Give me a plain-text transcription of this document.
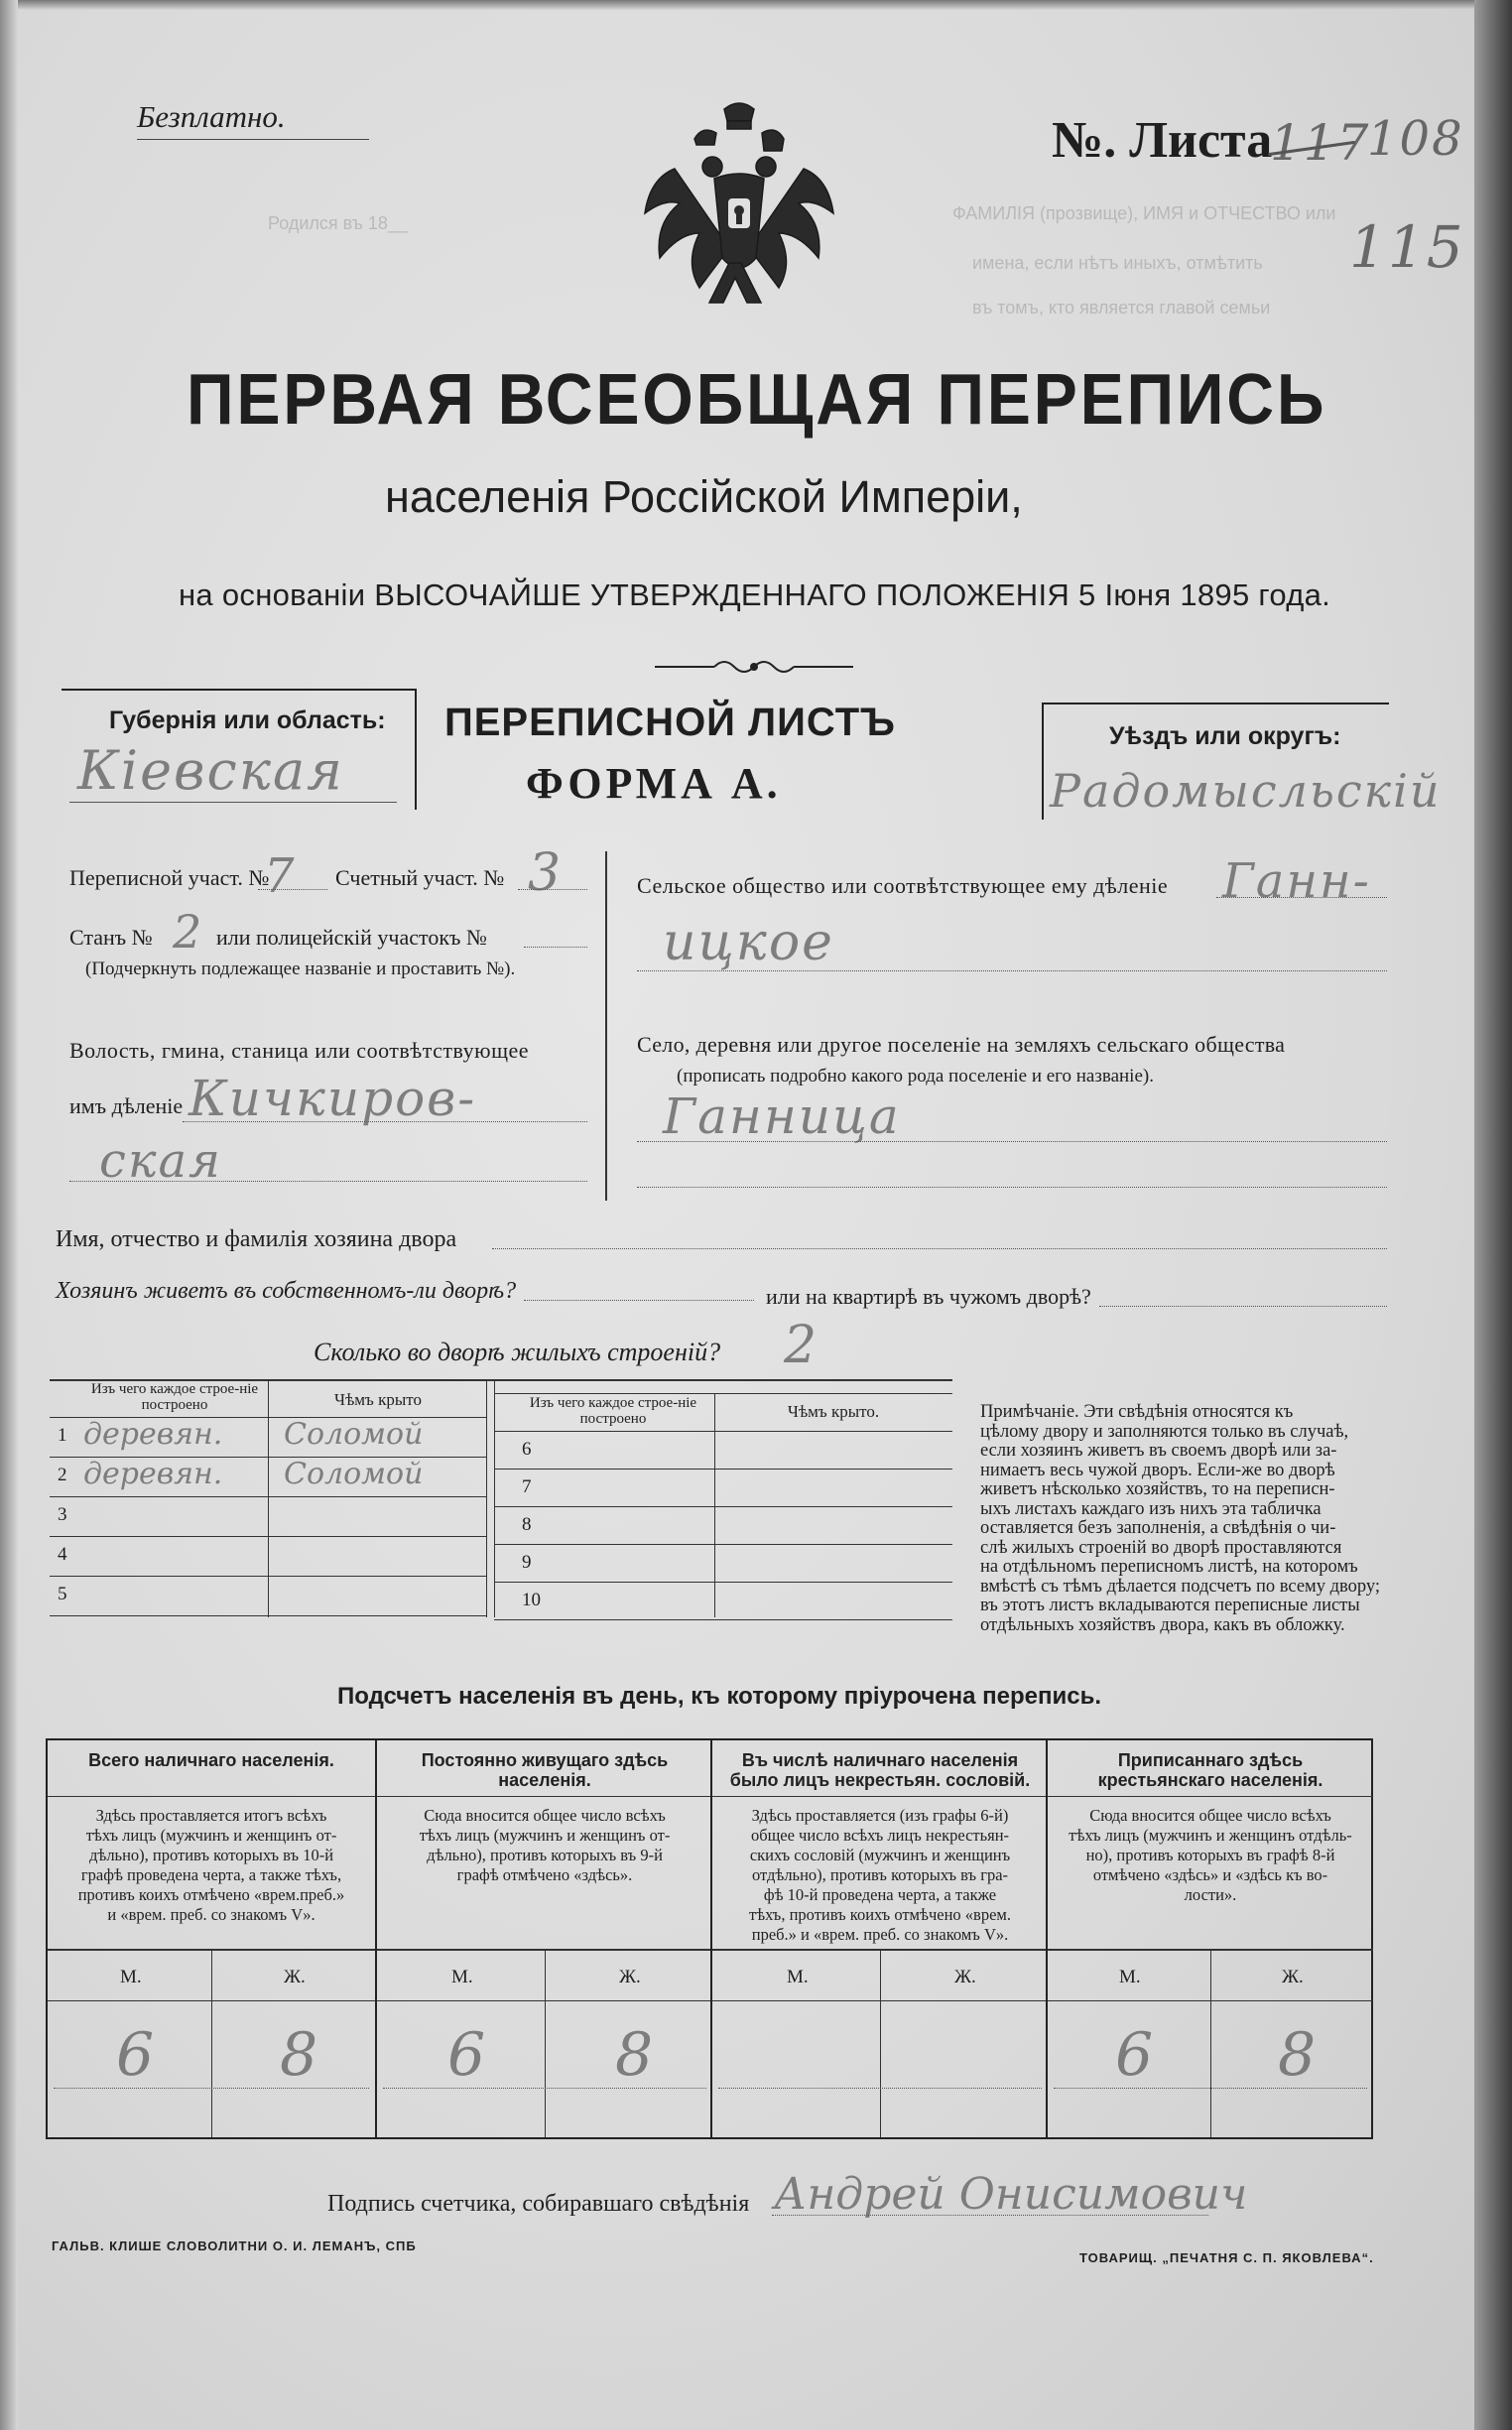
Родился въ 18__	ФАМИЛІЯ (прозвище), ИМЯ и ОТЧЕСТВО или
имена, если нѣтъ иныхъ, отмѣтить
въ томъ, кто является главой семьи
Безплатно.	№. Листа
117
108
115
ПЕРВАЯ ВСЕОБЩАЯ ПЕРЕПИСЬ
населенія Россійской Имперіи,
на основаніи ВЫСОЧАЙШЕ УТВЕРЖДЕННАГО ПОЛОЖЕНІЯ 5 Іюня 1895 года.
Губернія или область:
Кіевская
ПЕРЕПИСНОЙ ЛИСТЪ
ФОРМА А.
Уѣздъ или округъ:
Радомысльскій
Переписной участ. №
7 Счетный участ. № 3
Станъ № 2 или полицейскій участокъ №
(Подчеркнуть подлежащее названіе и проставить №).
Волость, гмина, станица или соотвѣтствующее
имъ дѣленіе Кичкиров-
ская
Сельское общество или соотвѣтствующее ему дѣленіе Ганн-
ицкое
Село, деревня или другое поселеніе на земляхъ сельскаго общества
(прописать подробно какого рода поселеніе и его названіе).
Ганница
Имя, отчество и фамилія хозяина двора
Хозяинъ живетъ въ собственномъ-ли дворѣ?	или на квартирѣ въ чужомъ дворѣ?
Сколько во дворѣ жилыхъ строеній? 2
Изъ чего каждое строе-ніе построено	Чѣмъ крыто	Изъ чего каждое строе-ніе построено	Чѣмъ крыто.
1 деревян. Соломой
2 деревян. Соломой
3
4
5
6
7
8
9
10
Примѣчаніе. Эти свѣдѣнія относятся къ
цѣлому двору и заполняются только въ случаѣ,
если хозяинъ живетъ въ своемъ дворѣ или за-
нимаетъ весь чужой дворъ. Если-же во дворѣ
живетъ нѣсколько хозяйствъ, то на переписн-
ыхъ листахъ каждаго изъ нихъ эта табличка
оставляется безъ заполненія, а свѣдѣнія о чи-
слѣ жилыхъ строеній во дворѣ проставляются
на отдѣльномъ переписномъ листѣ, на которомъ
вмѣстѣ съ тѣмъ дѣлается подсчетъ по всему двору;
въ этотъ листъ вкладываются переписные листы
отдѣльныхъ хозяйствъ двора, какъ въ обложку.
Подсчетъ населенія въ день, къ которому пріурочена перепись.
Всего наличнаго населенія.
Здѣсь проставляется итогъ всѣхъ
тѣхъ лицъ (мужчинъ и женщинъ от-
дѣльно), противъ которыхъ въ 10-й
графѣ проведена черта, а также тѣхъ,
противъ коихъ отмѣчено «врем.преб.»
и «врем. преб. со знакомъ V».
М.	Ж.
6 8
Постоянно живущаго здѣсь населенія.
Сюда вносится общее число всѣхъ
тѣхъ лицъ (мужчинъ и женщинъ от-
дѣльно), противъ которыхъ въ 9-й
графѣ отмѣчено «здѣсь».
М.	Ж.
6 8
Въ числѣ наличнаго населенія было лицъ некрестьян. сословій.
Здѣсь проставляется (изъ графы 6-й)
общее число всѣхъ лицъ некрестьян-
скихъ сословій (мужчинъ и женщинъ
отдѣльно), противъ которыхъ въ гра-
фѣ 10-й проведена черта, а также
тѣхъ, противъ коихъ отмѣчено «врем.
преб.» и «врем. преб. со знакомъ V».
М.	Ж.
Приписаннаго здѣсь крестьянскаго населенія.
Сюда вносится общее число всѣхъ
тѣхъ лицъ (мужчинъ и женщинъ отдѣль-
но), противъ которыхъ въ графѣ 8-й
отмѣчено «здѣсь» и «здѣсь къ во-
лости».
М.	Ж.
6 8
Подпись счетчика, собиравшаго свѣдѣнія Андрей Онисимович
ГАЛЬВ. КЛИШЕ СЛОВОЛИТНИ О. И. ЛЕМАНЪ, СПБ
ТОВАРИЩ. „ПЕЧАТНЯ С. П. ЯКОВЛЕВА“.
